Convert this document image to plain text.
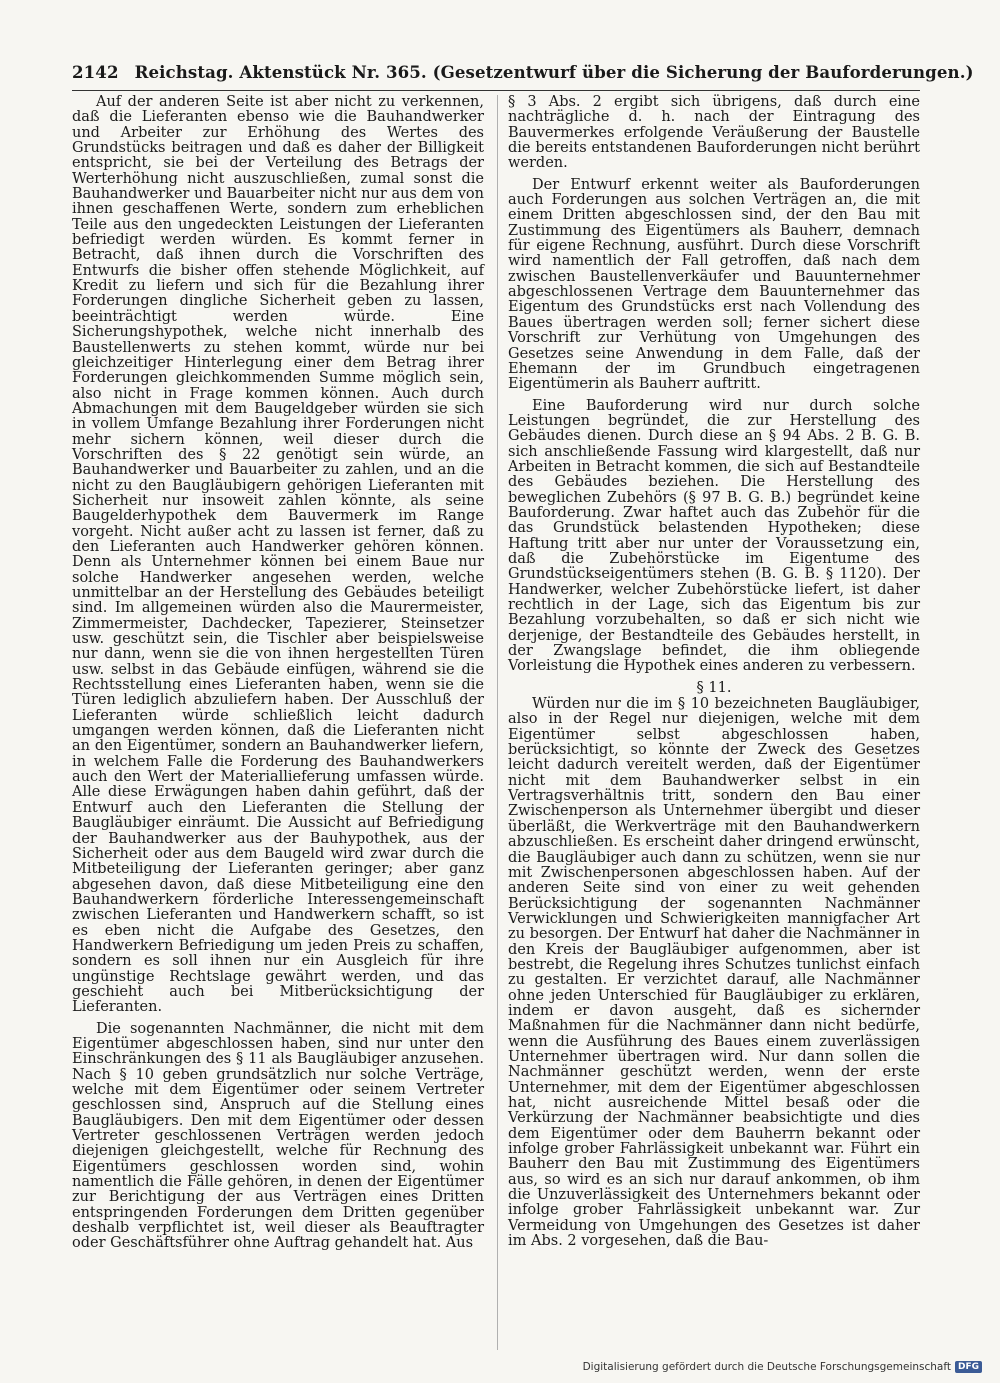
2142 Reichstag. Aktenstück Nr. 365. (Gesetzentwurf über die Sicherung der Bauforderungen.)

Auf der anderen Seite ist aber nicht zu verkennen, daß die Lieferanten ebenso wie die Bauhandwerker und Arbeiter zur Erhöhung des Wertes des Grundstücks beitragen und daß es daher der Billigkeit entspricht, sie bei der Verteilung des Betrags der Werterhöhung nicht auszuschließen, zumal sonst die Bauhandwerker und Bauarbeiter nicht nur aus dem von ihnen geschaffenen Werte, sondern zum erheblichen Teile aus den ungedeckten Leistungen der Lieferanten befriedigt werden würden. Es kommt ferner in Betracht, daß ihnen durch die Vorschriften des Entwurfs die bisher offen stehende Möglichkeit, auf Kredit zu liefern und sich für die Bezahlung ihrer Forderungen dingliche Sicherheit geben zu lassen, beeinträchtigt werden würde. Eine Sicherungshypothek, welche nicht innerhalb des Baustellenwerts zu stehen kommt, würde nur bei gleichzeitiger Hinterlegung einer dem Betrag ihrer Forderungen gleichkommenden Summe möglich sein, also nicht in Frage kommen können. Auch durch Abmachungen mit dem Baugeldgeber würden sie sich in vollem Umfange Bezahlung ihrer Forderungen nicht mehr sichern können, weil dieser durch die Vorschriften des § 22 genötigt sein würde, an Bauhandwerker und Bauarbeiter zu zahlen, und an die nicht zu den Baugläubigern gehörigen Lieferanten mit Sicherheit nur insoweit zahlen könnte, als seine Baugelderhypothek dem Bauvermerk im Range vorgeht. Nicht außer acht zu lassen ist ferner, daß zu den Lieferanten auch Handwerker gehören können. Denn als Unternehmer können bei einem Baue nur solche Handwerker angesehen werden, welche unmittelbar an der Herstellung des Gebäudes beteiligt sind. Im allgemeinen würden also die Maurermeister, Zimmermeister, Dachdecker, Tapezierer, Steinsetzer usw. geschützt sein, die Tischler aber beispielsweise nur dann, wenn sie die von ihnen hergestellten Türen usw. selbst in das Gebäude einfügen, während sie die Rechtsstellung eines Lieferanten haben, wenn sie die Türen lediglich abzuliefern haben. Der Ausschluß der Lieferanten würde schließlich leicht dadurch umgangen werden können, daß die Lieferanten nicht an den Eigentümer, sondern an Bauhandwerker liefern, in welchem Falle die Forderung des Bauhandwerkers auch den Wert der Materiallieferung umfassen würde. Alle diese Erwägungen haben dahin geführt, daß der Entwurf auch den Lieferanten die Stellung der Baugläubiger einräumt. Die Aussicht auf Befriedigung der Bauhandwerker aus der Bauhypothek, aus der Sicherheit oder aus dem Baugeld wird zwar durch die Mitbeteiligung der Lieferanten geringer; aber ganz abgesehen davon, daß diese Mitbeteiligung eine den Bauhandwerkern förderliche Interessengemeinschaft zwischen Lieferanten und Handwerkern schafft, so ist es eben nicht die Aufgabe des Gesetzes, den Handwerkern Befriedigung um jeden Preis zu schaffen, sondern es soll ihnen nur ein Ausgleich für ihre ungünstige Rechtslage gewährt werden, und das geschieht auch bei Mitberücksichtigung der Lieferanten.

Die sogenannten Nachmänner, die nicht mit dem Eigentümer abgeschlossen haben, sind nur unter den Einschränkungen des § 11 als Baugläubiger anzusehen. Nach § 10 geben grundsätzlich nur solche Verträge, welche mit dem Eigentümer oder seinem Vertreter geschlossen sind, Anspruch auf die Stellung eines Baugläubigers. Den mit dem Eigentümer oder dessen Vertreter geschlossenen Verträgen werden jedoch diejenigen gleichgestellt, welche für Rechnung des Eigentümers geschlossen worden sind, wohin namentlich die Fälle gehören, in denen der Eigentümer zur Berichtigung der aus Verträgen eines Dritten entspringenden Forderungen dem Dritten gegenüber deshalb verpflichtet ist, weil dieser als Beauftragter oder Geschäftsführer ohne Auftrag gehandelt hat. Aus

§ 3 Abs. 2 ergibt sich übrigens, daß durch eine nachträgliche d. h. nach der Eintragung des Bauvermerkes erfolgende Veräußerung der Baustelle die bereits entstandenen Bauforderungen nicht berührt werden.

Der Entwurf erkennt weiter als Bauforderungen auch Forderungen aus solchen Verträgen an, die mit einem Dritten abgeschlossen sind, der den Bau mit Zustimmung des Eigentümers als Bauherr, demnach für eigene Rechnung, ausführt. Durch diese Vorschrift wird namentlich der Fall getroffen, daß nach dem zwischen Baustellenverkäufer und Bauunternehmer abgeschlossenen Vertrage dem Bauunternehmer das Eigentum des Grundstücks erst nach Vollendung des Baues übertragen werden soll; ferner sichert diese Vorschrift zur Verhütung von Umgehungen des Gesetzes seine Anwendung in dem Falle, daß der Ehemann der im Grundbuch eingetragenen Eigentümerin als Bauherr auftritt.

Eine Bauforderung wird nur durch solche Leistungen begründet, die zur Herstellung des Gebäudes dienen. Durch diese an § 94 Abs. 2 B. G. B. sich anschließende Fassung wird klargestellt, daß nur Arbeiten in Betracht kommen, die sich auf Bestandteile des Gebäudes beziehen. Die Herstellung des beweglichen Zubehörs (§ 97 B. G. B.) begründet keine Bauforderung. Zwar haftet auch das Zubehör für die das Grundstück belastenden Hypotheken; diese Haftung tritt aber nur unter der Voraussetzung ein, daß die Zubehörstücke im Eigentume des Grundstückseigentümers stehen (B. G. B. § 1120). Der Handwerker, welcher Zubehörstücke liefert, ist daher rechtlich in der Lage, sich das Eigentum bis zur Bezahlung vorzubehalten, so daß er sich nicht wie derjenige, der Bestandteile des Gebäudes herstellt, in der Zwangslage befindet, die ihm obliegende Vorleistung die Hypothek eines anderen zu verbessern.

§ 11.

Würden nur die im § 10 bezeichneten Baugläubiger, also in der Regel nur diejenigen, welche mit dem Eigentümer selbst abgeschlossen haben, berücksichtigt, so könnte der Zweck des Gesetzes leicht dadurch vereitelt werden, daß der Eigentümer nicht mit dem Bauhandwerker selbst in ein Vertragsverhältnis tritt, sondern den Bau einer Zwischenperson als Unternehmer übergibt und dieser überläßt, die Werkverträge mit den Bauhandwerkern abzuschließen. Es erscheint daher dringend erwünscht, die Baugläubiger auch dann zu schützen, wenn sie nur mit Zwischenpersonen abgeschlossen haben. Auf der anderen Seite sind von einer zu weit gehenden Berücksichtigung der sogenannten Nachmänner Verwicklungen und Schwierigkeiten mannigfacher Art zu besorgen. Der Entwurf hat daher die Nachmänner in den Kreis der Baugläubiger aufgenommen, aber ist bestrebt, die Regelung ihres Schutzes tunlichst einfach zu gestalten. Er verzichtet darauf, alle Nachmänner ohne jeden Unterschied für Baugläubiger zu erklären, indem er davon ausgeht, daß es sichernder Maßnahmen für die Nachmänner dann nicht bedürfe, wenn die Ausführung des Baues einem zuverlässigen Unternehmer übertragen wird. Nur dann sollen die Nachmänner geschützt werden, wenn der erste Unternehmer, mit dem der Eigentümer abgeschlossen hat, nicht ausreichende Mittel besaß oder die Verkürzung der Nachmänner beabsichtigte und dies dem Eigentümer oder dem Bauherrn bekannt oder infolge grober Fahrlässigkeit unbekannt war. Führt ein Bauherr den Bau mit Zustimmung des Eigentümers aus, so wird es an sich nur darauf ankommen, ob ihm die Unzuverlässigkeit des Unternehmers bekannt oder infolge grober Fahrlässigkeit unbekannt war. Zur Vermeidung von Umgehungen des Gesetzes ist daher im Abs. 2 vorgesehen, daß die Bau-

Digitalisierung gefördert durch die Deutsche Forschungsgemeinschaft DFG
